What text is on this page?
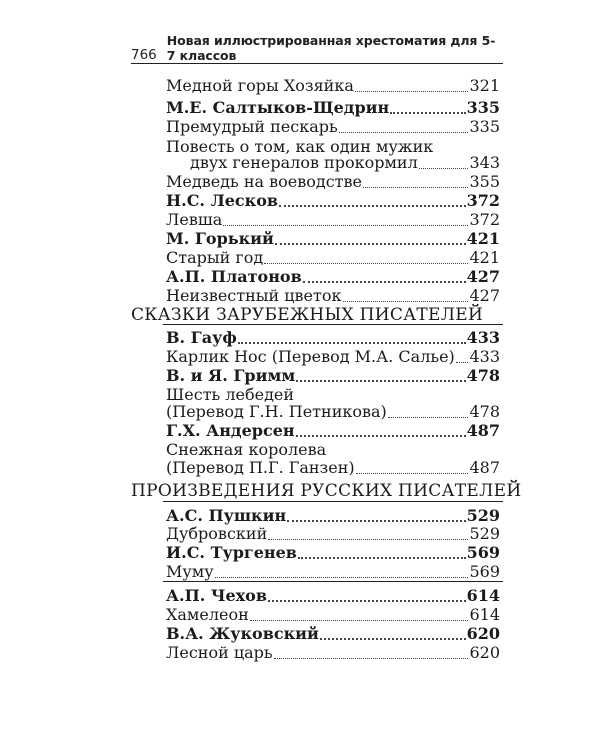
766
Новая иллюстрированная хрестоматия для 5-7 классов
Медной горы Хозяйка	321
М.Е. Салтыков-Щедрин	335
Премудрый пескарь	335
Повесть о том, как один мужик
двух генералов прокормил	343
Медведь на воеводстве	355
Н.С. Лесков	372
Левша	372
М. Горький	421
Старый год	421
А.П. Платонов	427
Неизвестный цветок	427
СКАЗКИ ЗАРУБЕЖНЫХ ПИСАТЕЛЕЙ
В. Гауф	433
Карлик Нос (Перевод М.А. Салье) 433
В. и Я. Гримм	478
Шесть лебедей
(Перевод Г.Н. Петникова)	478
Г.Х. Андерсен	487
Снежная королева
(Перевод П.Г. Ганзен)	487
ПРОИЗВЕДЕНИЯ РУССКИХ ПИСАТЕЛЕЙ
А.С. Пушкин	529
Дубровский	529
И.С. Тургенев	569
Муму	569
А.П. Чехов	614
Хамелеон	614
В.А. Жуковский	620
Лесной царь	620
